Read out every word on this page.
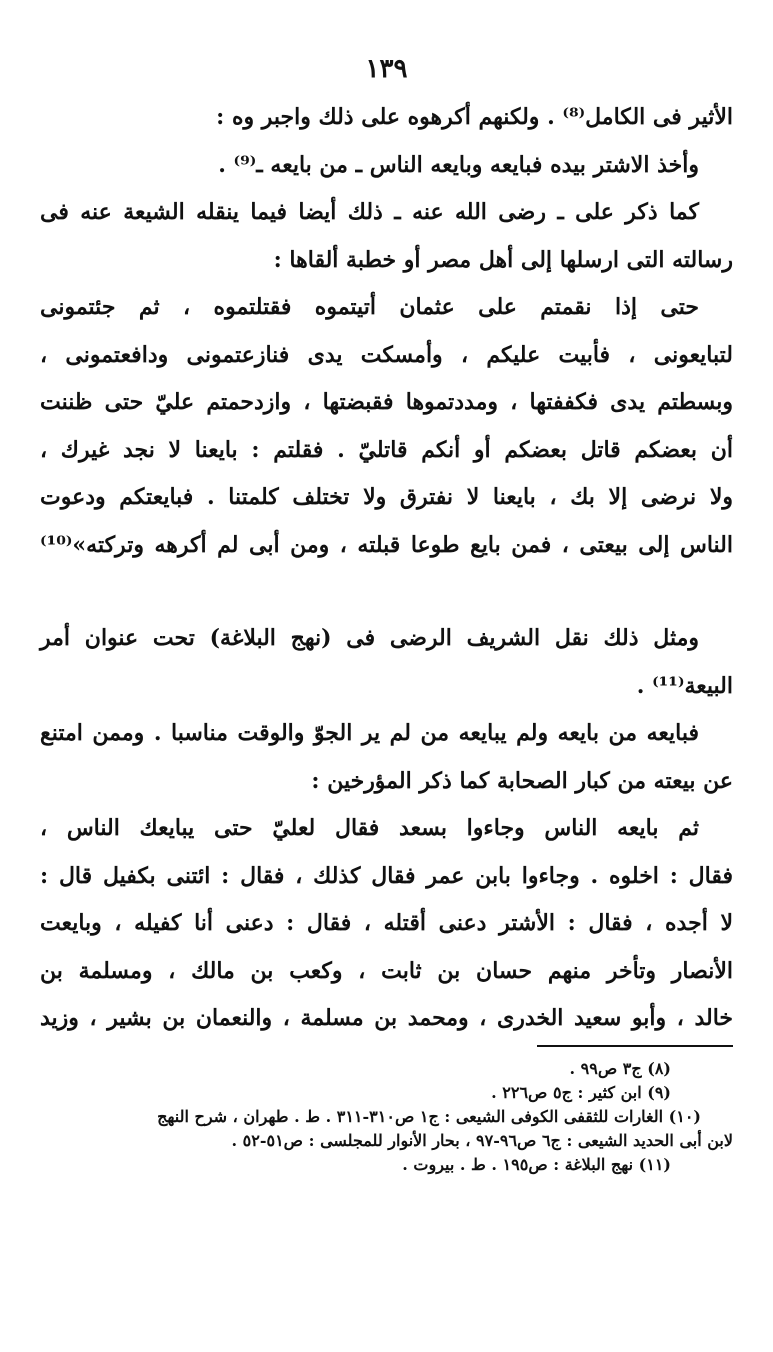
١٣٩
الأثير فى الكامل⁽⁸⁾ . ولكنهم أكرهوه على ذلك واجبر وه :
وأخذ الاشتر بيده فبايعه وبايعه الناس ـ من بايعه ـ⁽⁹⁾ .
كما ذكر على ـ رضى الله عنه ـ ذلك أيضا فيما ينقله الشيعة عنه فى
رسالته التى ارسلها إلى أهل مصر أو خطبة ألقاها :
حتى إذا نقمتم على عثمان أتيتموه فقتلتموه ، ثم جئتمونى
لتبايعونى ، فأبيت عليكم ، وأمسكت يدى فنازعتمونى ودافعتمونى ،
وبسطتم يدى فكففتها ، ومددتموها فقبضتها ، وازدحمتم عليّ حتى ظننت
أن بعضكم قاتل بعضكم أو أنكم قاتليّ . فقلتم : بايعنا لا نجد غيرك ،
ولا نرضى إلا بك ، بايعنا لا نفترق ولا تختلف كلمتنا . فبايعتكم ودعوت
الناس إلى بيعتى ، فمن بايع طوعا قبلته ، ومن أبى لم أكرهه وتركته»⁽¹⁰⁾
ومثل ذلك نقل الشريف الرضى فى (نهج البلاغة) تحت عنوان أمر
البيعة⁽¹¹⁾ .
فبايعه من بايعه ولم يبايعه من لم ير الجوّ والوقت مناسبا . وممن امتنع
عن بيعته من كبار الصحابة كما ذكر المؤرخين :
ثم بايعه الناس وجاءوا بسعد فقال لعليّ حتى يبايعك الناس ،
فقال : اخلوه . وجاءوا بابن عمر فقال كذلك ، فقال : ائتنى بكفيل قال :
لا أجده ، فقال : الأشتر دعنى أقتله ، فقال : دعنى أنا كفيله ، وبايعت
الأنصار وتأخر منهم حسان بن ثابت ، وكعب بن مالك ، ومسلمة بن
خالد ، وأبو سعيد الخدرى ، ومحمد بن مسلمة ، والنعمان بن بشير ، وزيد
(٨) ج٣ ص٩٩ .
(٩) ابن كثير : ج٥ ص٢٢٦ .
(١٠) الغارات للثقفى الكوفى الشيعى : ج١ ص٣١٠-٣١١ . ط . طهران ، شرح النهج
لابن أبى الحديد الشيعى : ج٦ ص٩٦-٩٧ ، بحار الأنوار للمجلسى : ص٥١-٥٢ .
(١١) نهج البلاغة : ص١٩٥ . ط . بيروت .
